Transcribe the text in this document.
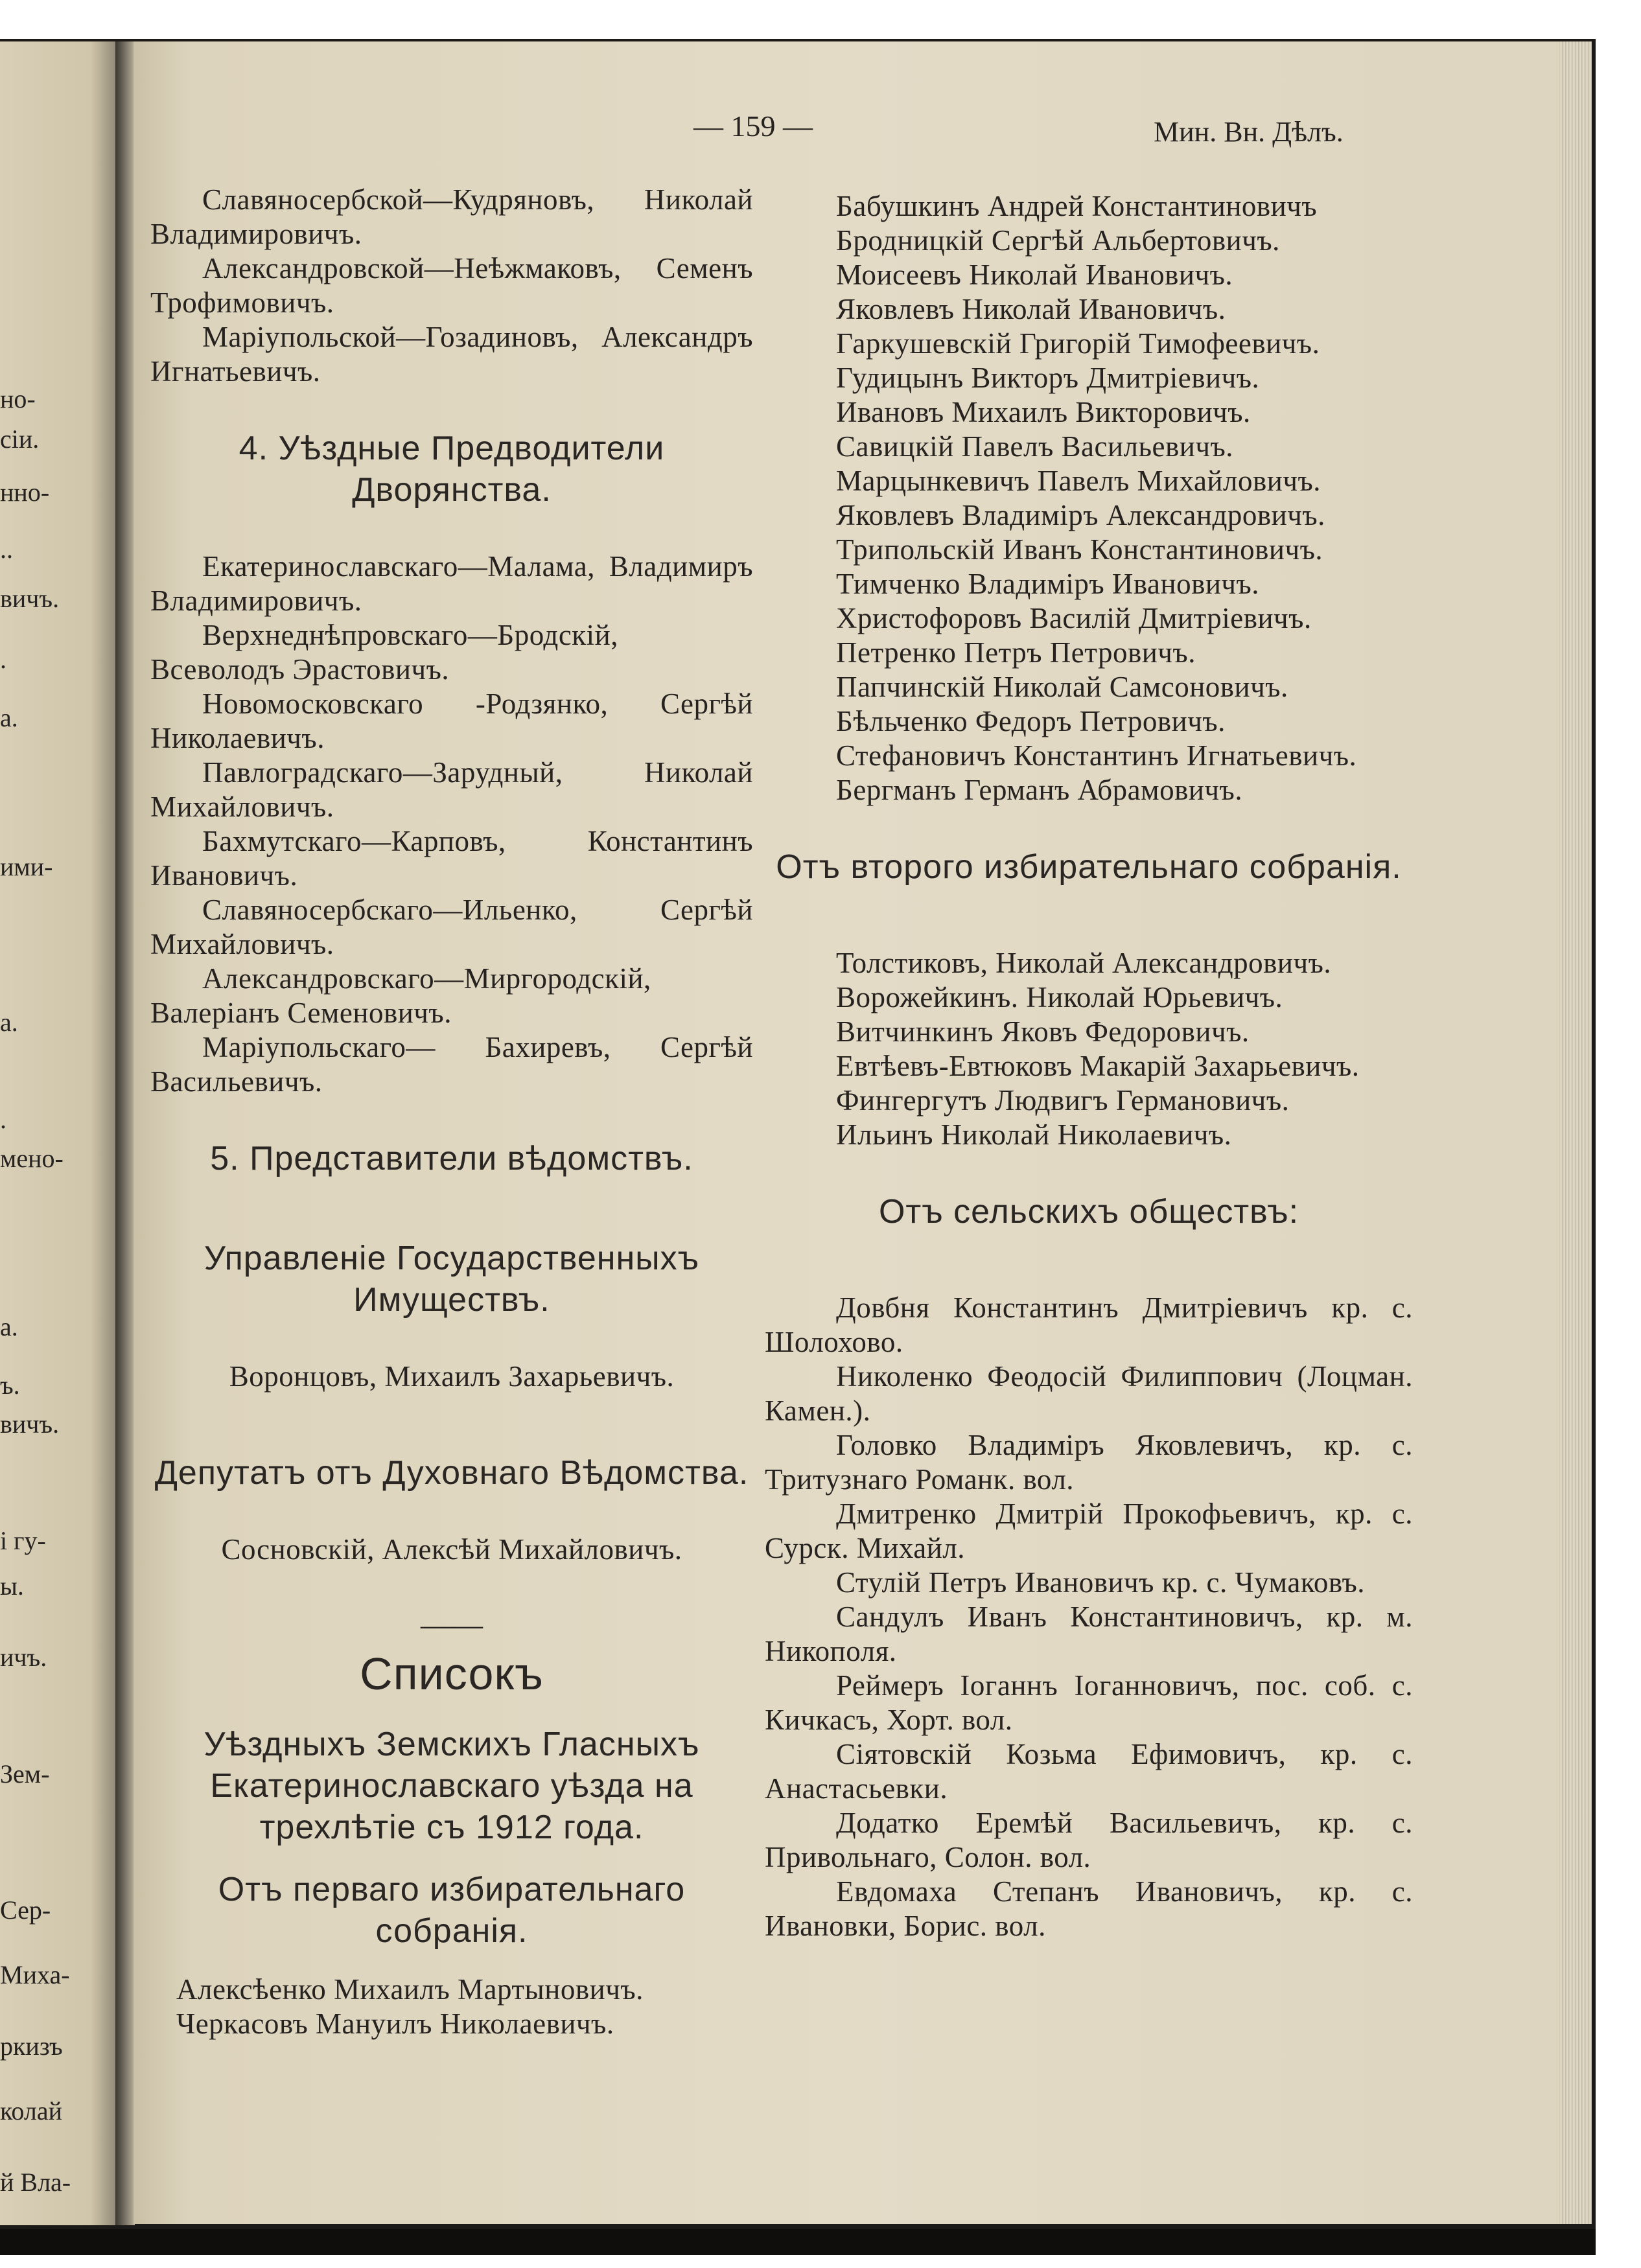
но-
сіи.
нно-
..
вичъ.
.
а.
ими-
а.
.
мено-
а.
ъ.
вичъ.
і гу-
ы.
ичъ.
Зем-
Сер-
Миха-
ркизъ
колай
й Вла-
— 159 —	Мин. Вн. Дѣлъ.

Славяносербской—Кудряновъ, Николай Владимировичъ.

Александровской—Неѣжмаковъ, Семенъ Трофимовичъ.

Маріупольской—Гозадиновъ, Александръ Игнатьевичъ.

4. Уѣздные Предводители Дворянства.

Екатеринославскаго—Малама, Владимиръ Владимировичъ.

Верхнеднѣпровскаго—Бродскій, Всеволодъ Эрастовичъ.

Новомосковскаго -Родзянко, Сергѣй Николаевичъ.

Павлоградскаго—Зарудный, Николай Михайловичъ.

Бахмутскаго—Карповъ, Константинъ Ивановичъ.

Славяносербскаго—Ильенко, Сергѣй Михайловичъ.

Александровскаго—Миргородскій, Валеріанъ Семеновичъ.

Маріупольскаго— Бахиревъ, Сергѣй Васильевичъ.

5. Представители вѣдомствъ.
Управленіе Государственныхъ Имуществъ.

Воронцовъ, Михаилъ Захарьевичъ.

Депутатъ отъ Духовнаго Вѣдомства.

Сосновскій, Алексѣй Михайловичъ.

——
Списокъ
Уѣздныхъ Земскихъ Гласныхъ Екатеринославскаго уѣзда на трехлѣтіе съ 1912 года.
Отъ перваго избирательнаго собранія.

Алексѣенко Михаилъ Мартыновичъ.

Черкасовъ Мануилъ Николаевичъ.

Бабушкинъ Андрей Константиновичъ

Бродницкій Сергѣй Альбертовичъ.

Моисеевъ Николай Ивановичъ.

Яковлевъ Николай Ивановичъ.

Гаркушевскій Григорій Тимофеевичъ.

Гудицынъ Викторъ Дмитріевичъ.

Ивановъ Михаилъ Викторовичъ.

Савицкій Павелъ Васильевичъ.

Марцынкевичъ Павелъ Михайловичъ.

Яковлевъ Владиміръ Александровичъ.

Трипольскій Иванъ Константиновичъ.

Тимченко Владиміръ Ивановичъ.

Христофоровъ Василій Дмитріевичъ.

Петренко Петръ Петровичъ.

Папчинскій Николай Самсоновичъ.

Бѣльченко Федоръ Петровичъ.

Стефановичъ Константинъ Игнатьевичъ.

Бергманъ Германъ Абрамовичъ.

Отъ второго избирательнаго собранія.

Толстиковъ, Николай Александровичъ.

Ворожейкинъ. Николай Юрьевичъ.

Витчинкинъ Яковъ Федоровичъ.

Евтѣевъ-Евтюковъ Макарій Захарьевичъ.

Фингергутъ Людвигъ Германовичъ.

Ильинъ Николай Николаевичъ.

Отъ сельскихъ обществъ:

Довбня Константинъ Дмитріевичъ кр. с. Шолохово.

Николенко Феодосій Филиппович (Лоцман. Камен.).

Головко Владиміръ Яковлевичъ, кр. с. Тритузнаго Романк. вол.

Дмитренко Дмитрій Прокофьевичъ, кр. с. Сурск. Михайл.

Стулій Петръ Ивановичъ кр. с. Чумаковъ.

Сандулъ Иванъ Константиновичъ, кр. м. Никополя.

Реймеръ Іоганнъ Іоганновичъ, пос. соб. с. Кичкасъ, Хорт. вол.

Сіятовскій Козьма Ефимовичъ, кр. с. Анастасьевки.

Додатко Еремѣй Васильевичъ, кр. с. Привольнаго, Солон. вол.

Евдомаха Степанъ Ивановичъ, кр. с. Ивановки, Борис. вол.
